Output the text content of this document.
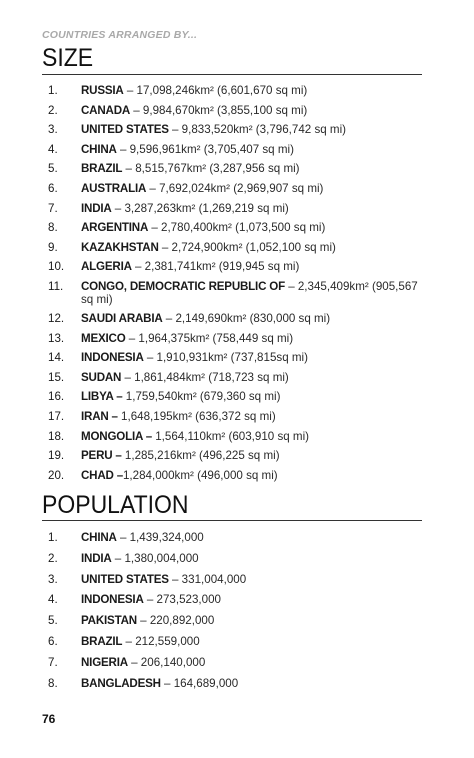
COUNTRIES ARRANGED BY...
SIZE
1. RUSSIA – 17,098,246km² (6,601,670 sq mi)
2. CANADA – 9,984,670km² (3,855,100 sq mi)
3. UNITED STATES – 9,833,520km² (3,796,742 sq mi)
4. CHINA – 9,596,961km² (3,705,407 sq mi)
5. BRAZIL – 8,515,767km² (3,287,956 sq mi)
6. AUSTRALIA – 7,692,024km² (2,969,907 sq mi)
7. INDIA – 3,287,263km² (1,269,219 sq mi)
8. ARGENTINA – 2,780,400km² (1,073,500 sq mi)
9. KAZAKHSTAN – 2,724,900km² (1,052,100 sq mi)
10. ALGERIA – 2,381,741km² (919,945 sq mi)
11. CONGO, DEMOCRATIC REPUBLIC OF – 2,345,409km² (905,567 sq mi)
12. SAUDI ARABIA – 2,149,690km² (830,000 sq mi)
13. MEXICO – 1,964,375km² (758,449 sq mi)
14. INDONESIA – 1,910,931km² (737,815sq mi)
15. SUDAN – 1,861,484km² (718,723 sq mi)
16. LIBYA – 1,759,540km² (679,360 sq mi)
17. IRAN – 1,648,195km² (636,372 sq mi)
18. MONGOLIA – 1,564,110km² (603,910 sq mi)
19. PERU – 1,285,216km² (496,225 sq mi)
20. CHAD –1,284,000km² (496,000 sq mi)
POPULATION
1. CHINA – 1,439,324,000
2. INDIA – 1,380,004,000
3. UNITED STATES – 331,004,000
4. INDONESIA – 273,523,000
5. PAKISTAN – 220,892,000
6. BRAZIL – 212,559,000
7. NIGERIA – 206,140,000
8. BANGLADESH – 164,689,000
76
